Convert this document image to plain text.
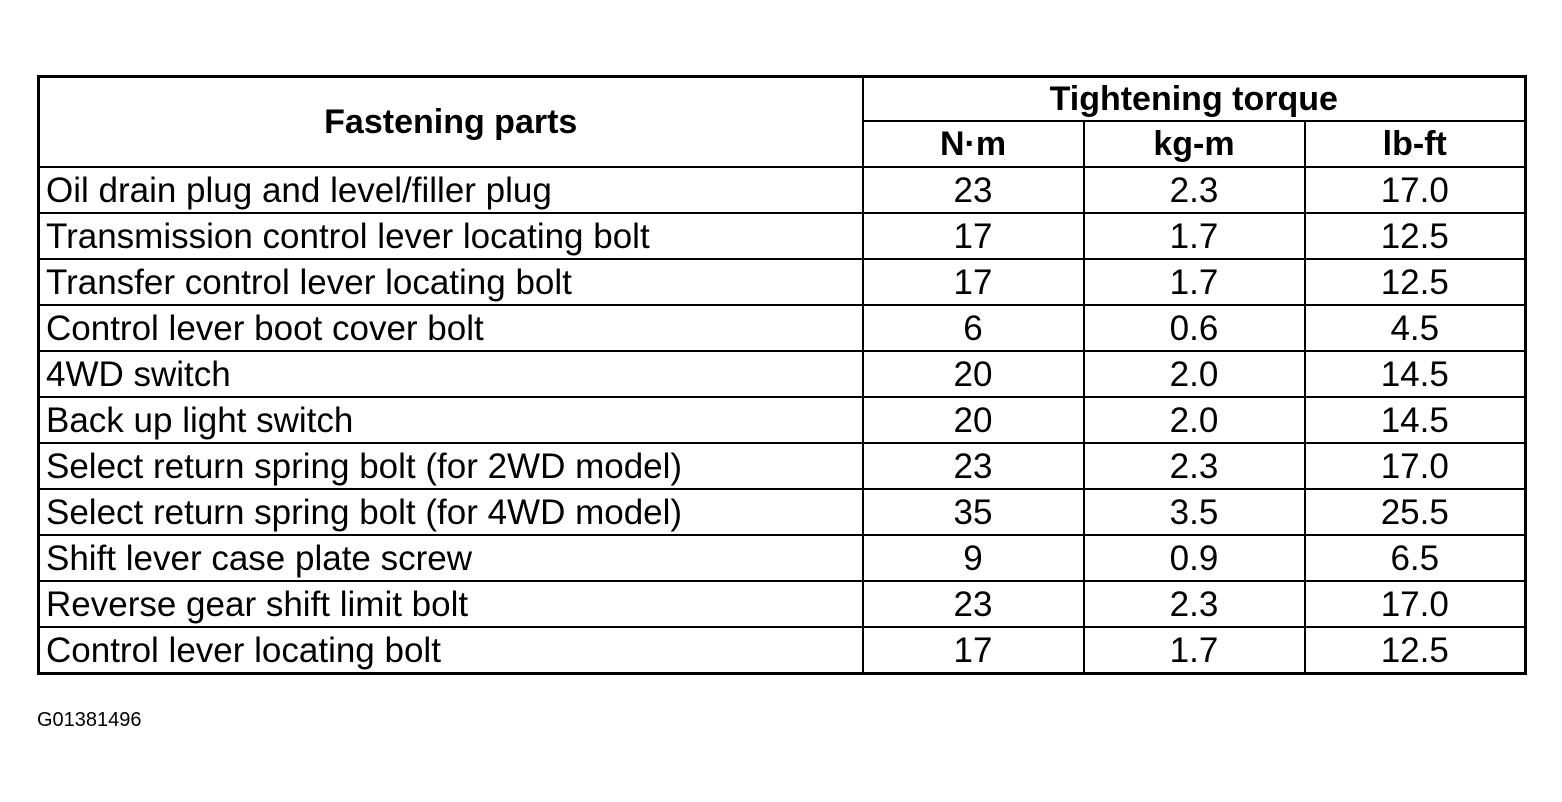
Fastening parts	Tightening torque		
	N·m	kg-m	lb-ft
Oil drain plug and level/filler plug	23	2.3	17.0
Transmission control lever locating bolt	17	1.7	12.5
Transfer control lever locating bolt	17	1.7	12.5
Control lever boot cover bolt	6	0.6	4.5
4WD switch	20	2.0	14.5
Back up light switch	20	2.0	14.5
Select return spring bolt (for 2WD model)	23	2.3	17.0
Select return spring bolt (for 4WD model)	35	3.5	25.5
Shift lever case plate screw	9	0.9	6.5
Reverse gear shift limit bolt	23	2.3	17.0
Control lever locating bolt	17	1.7	12.5
G01381496
